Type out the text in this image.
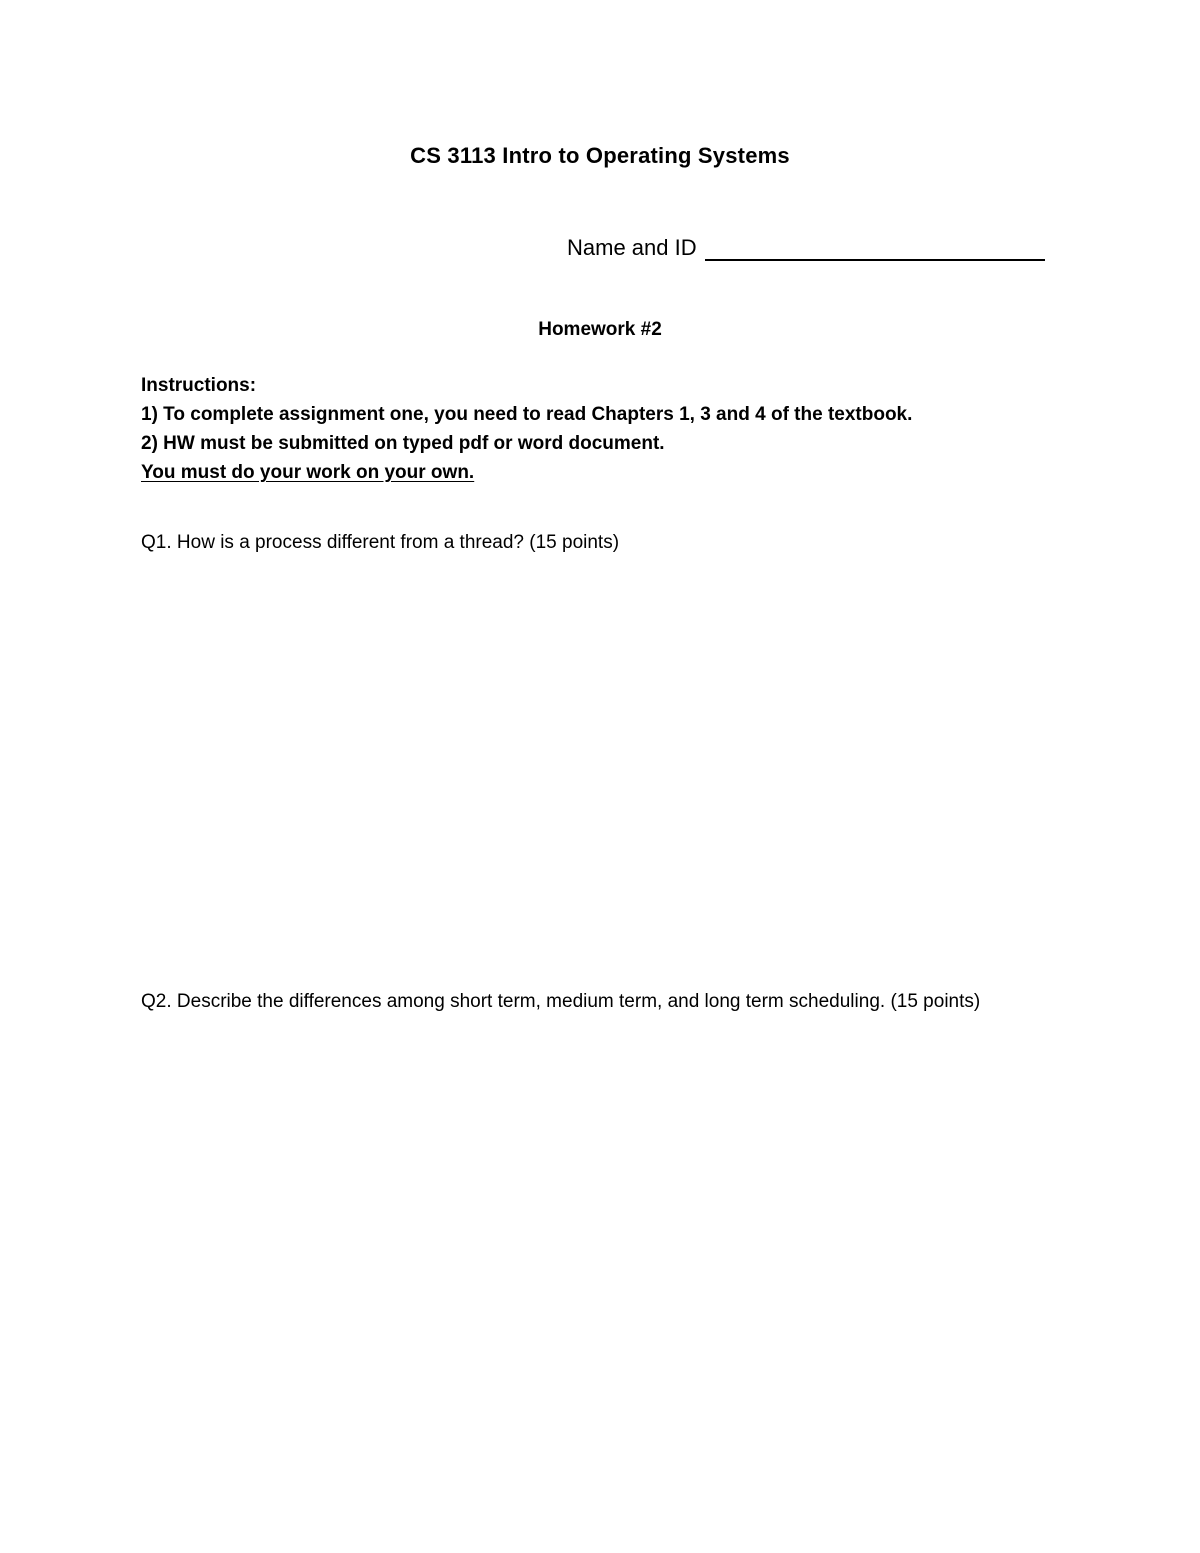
CS 3113 Intro to Operating Systems
Name and ID
Homework #2
Instructions:
1) To complete assignment one, you need to read Chapters 1, 3 and 4 of the textbook.
2) HW must be submitted on typed pdf or word document.
You must do your work on your own.
Q1. How is a process different from a thread? (15 points)
Q2. Describe the differences among short term, medium term, and long term scheduling. (15 points)
